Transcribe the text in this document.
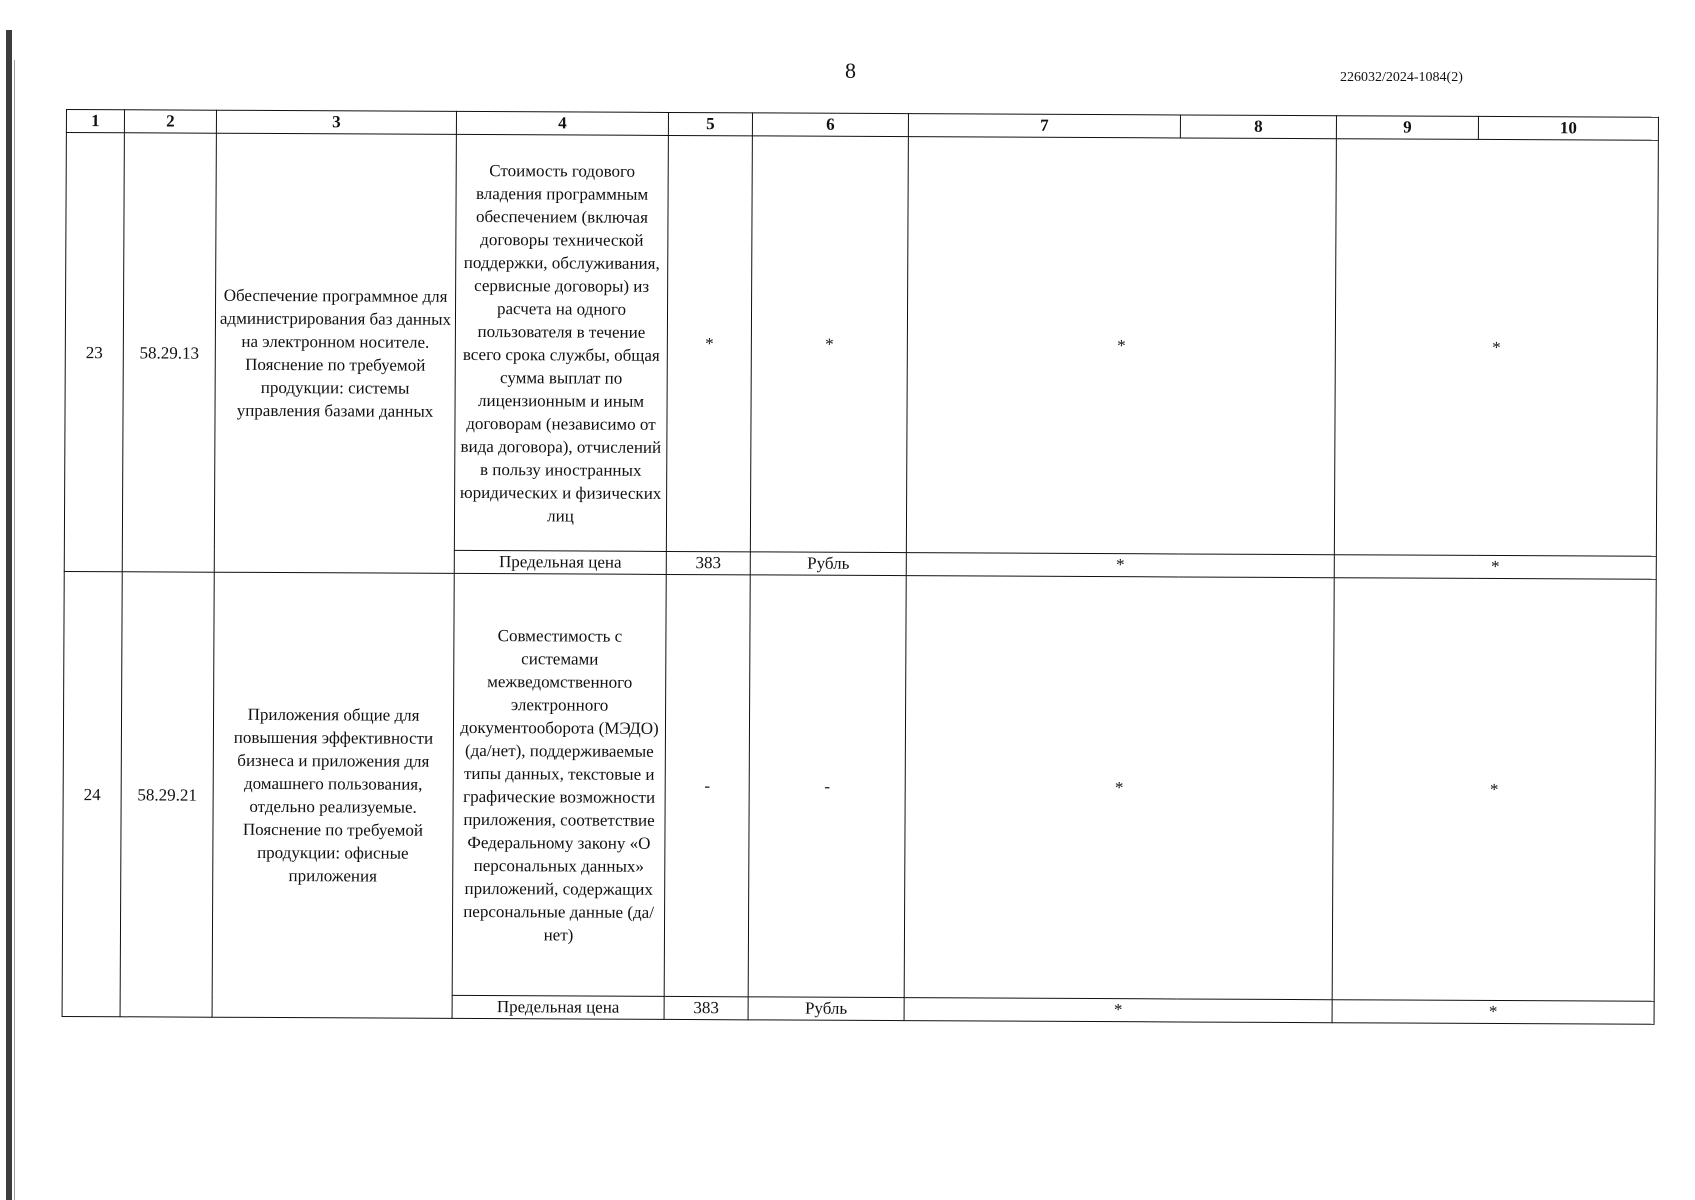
8	226032/2024-1084(2)
1	2	3	4	5	6	7	8	9	10
23	58.29.13	Обеспечение программное для администрирования баз данных на электронном носителе. Пояснение по требуемой продукции: системы управления базами данных	Стоимость годового владения программным обеспечением (включая договоры технической поддержки, обслуживания, сервисные договоры) из расчета на одного пользователя в течение всего срока службы, общая сумма выплат по лицензионным и иным договорам (независимо от вида договора), отчислений в пользу иностранных юридических и физических лиц	*	*	*		*	
			Предельная цена	383	Рубль	*		*	
24	58.29.21	Приложения общие для повышения эффективности бизнеса и приложения для домашнего пользования, отдельно реализуемые. Пояснение по требуемой продукции: офисные приложения	Совместимость с системами межведомственного электронного документооборота (МЭДО) (да/нет), поддерживаемые типы данных, текстовые и графические возможности приложения, соответствие Федеральному закону «О персональных данных» приложений, содержащих персональные данные (да/нет)	-	-	*		*	
			Предельная цена	383	Рубль	*		*	
